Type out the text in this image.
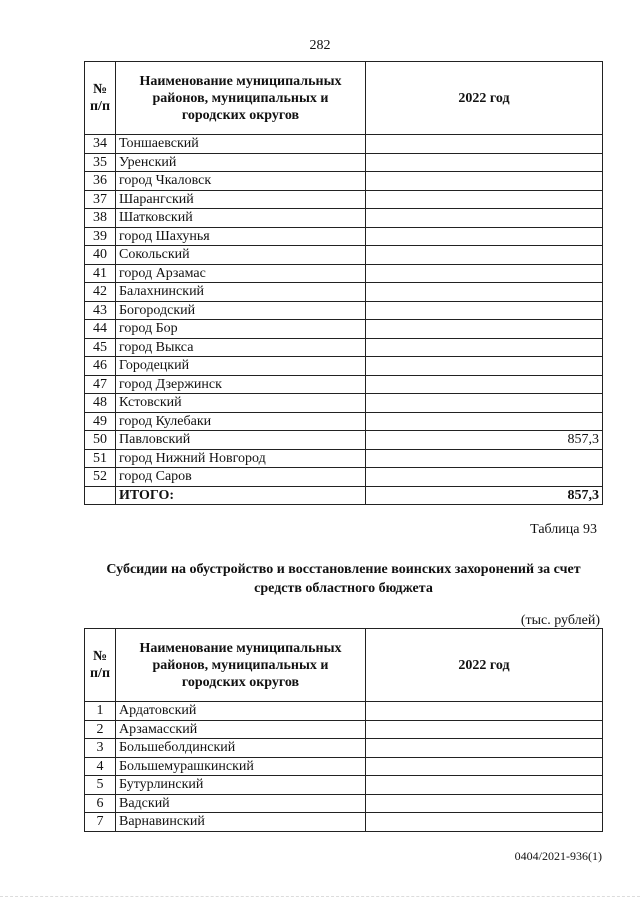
282
№ п/п	Наименование муниципальных районов, муниципальных и городских округов	2022 год
34	Тоншаевский	
35	Уренский	
36	город Чкаловск	
37	Шарангский	
38	Шатковский	
39	город Шахунья	
40	Сокольский	
41	город Арзамас	
42	Балахнинский	
43	Богородский	
44	город Бор	
45	город Выкса	
46	Городецкий	
47	город Дзержинск	
48	Кстовский	
49	город Кулебаки	
50	Павловский	857,3
51	город Нижний Новгород	
52	город Саров	
	ИТОГО:	857,3
Таблица 93
Субсидии на обустройство и восстановление воинских захоронений за счет средств областного бюджета
(тыс. рублей)
№ п/п	Наименование муниципальных районов, муниципальных и городских округов	2022 год
1	Ардатовский	
2	Арзамасский	
3	Большеболдинский	
4	Большемурашкинский	
5	Бутурлинский	
6	Вадский	
7	Варнавинский	
0404/2021-936(1)
